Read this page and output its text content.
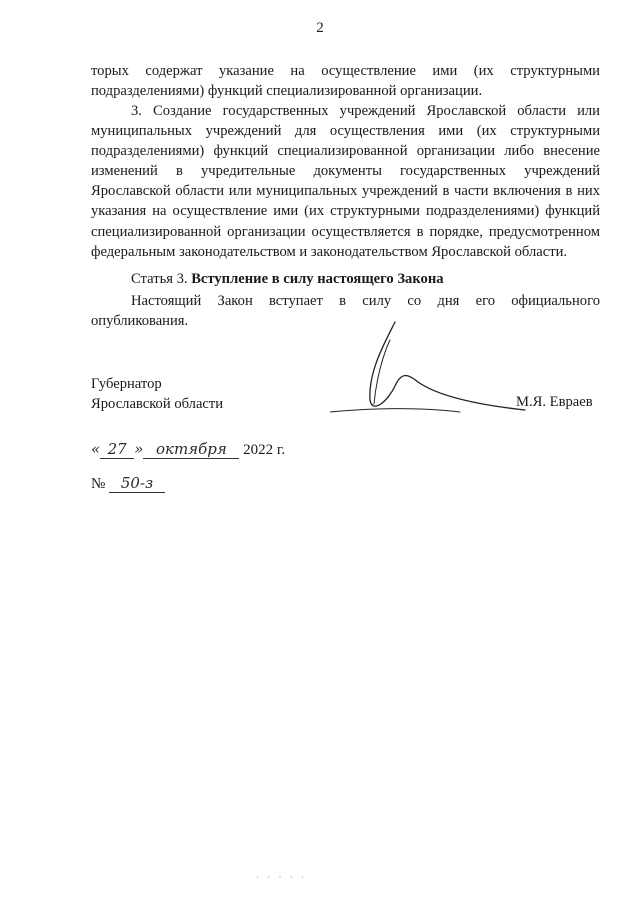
2

торых содержат указание на осуществление ими (их структурными подразделениями) функций специализированной организации.

3. Создание государственных учреждений Ярославской области или муниципальных учреждений для осуществления ими (их структурными подразделениями) функций специализированной организации либо внесение изменений в учредительные документы государственных учреждений Ярославской области или муниципальных учреждений в части включения в них указания на осуществление ими (их структурными подразделениями) функций специализированной организации осуществляется в порядке, предусмотренном федеральным законодательством и законодательством Ярославской области.

Статья 3. Вступление в силу настоящего Закона

Настоящий Закон вступает в силу со дня его официального опубликования.

Губернатор
Ярославской области	М.Я. Евраев
« 27 » октября 2022 г.
№ 50-з
· · · · ·
